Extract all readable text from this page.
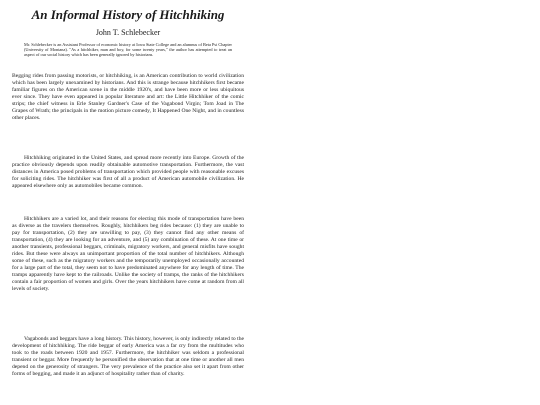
An Informal History of Hitchhiking

John T. Schlebecker

Mr. Schlebecker is an Assistant Professor of economic history at Iowa State College and an alumnus of Beta Psi Chapter (University of Montana). "As a hitchhiker, man and boy, for some twenty years," the author has attempted to treat an aspect of our social history which has been generally ignored by historians.

Begging rides from passing motorists, or hitchhiking, is an American contribution to world civilization which has been largely unexamined by historians. And this is strange because hitchhikers first became familiar figures on the American scene in the middle 1920's, and have been more or less ubiquitous ever since. They have even appeared in popular literature and art: the Little Hitchhiker of the comic strips; the chief witness in Erle Stanley Gardner's Case of the Vagabond Virgin; Tom Joad in The Grapes of Wrath; the principals in the motion picture comedy, It Happened One Night, and in countless other places.

Hitchhiking originated in the United States, and spread more recently into Europe. Growth of the practice obviously depends upon readily obtainable automotive transportation. Furthermore, the vast distances in America posed problems of transportation which provided people with reasonable excuses for soliciting rides. The hitchhiker was first of all a product of American automobile civilization. He appeared elsewhere only as automobiles became common.

Hitchhikers are a varied lot, and their reasons for electing this mode of transportation have been as diverse as the travelers themselves. Roughly, hitchhikers beg rides because: (1) they are unable to pay for transportation, (2) they are unwilling to pay, (3) they cannot find any other means of transportation, (4) they are looking for an adventure, and (5) any combination of these. At one time or another transients, professional beggars, criminals, migratory workers, and general misfits have sought rides. But these were always an unimportant proportion of the total number of hitchhikers. Although some of these, such as the migratory workers and the temporarily unemployed occasionally accounted for a large part of the total, they seem not to have predominated anywhere for any length of time. The tramps apparently have kept to the railroads. Unlike the society of tramps, the ranks of the hitchhikers contain a fair proportion of women and girls. Over the years hitchhikers have come at random from all levels of society.

Vagabonds and beggars have a long history. This history, however, is only indirectly related to the development of hitchhiking. The ride beggar of early America was a far cry from the multitudes who took to the roads between 1920 and 1957. Furthermore, the hitchhiker was seldom a professional transient or beggar. More frequently he personified the observation that at one time or another all men depend on the generosity of strangers. The very prevalence of the practice also set it apart from other forms of begging, and made it an adjunct of hospitality rather than of charity.
